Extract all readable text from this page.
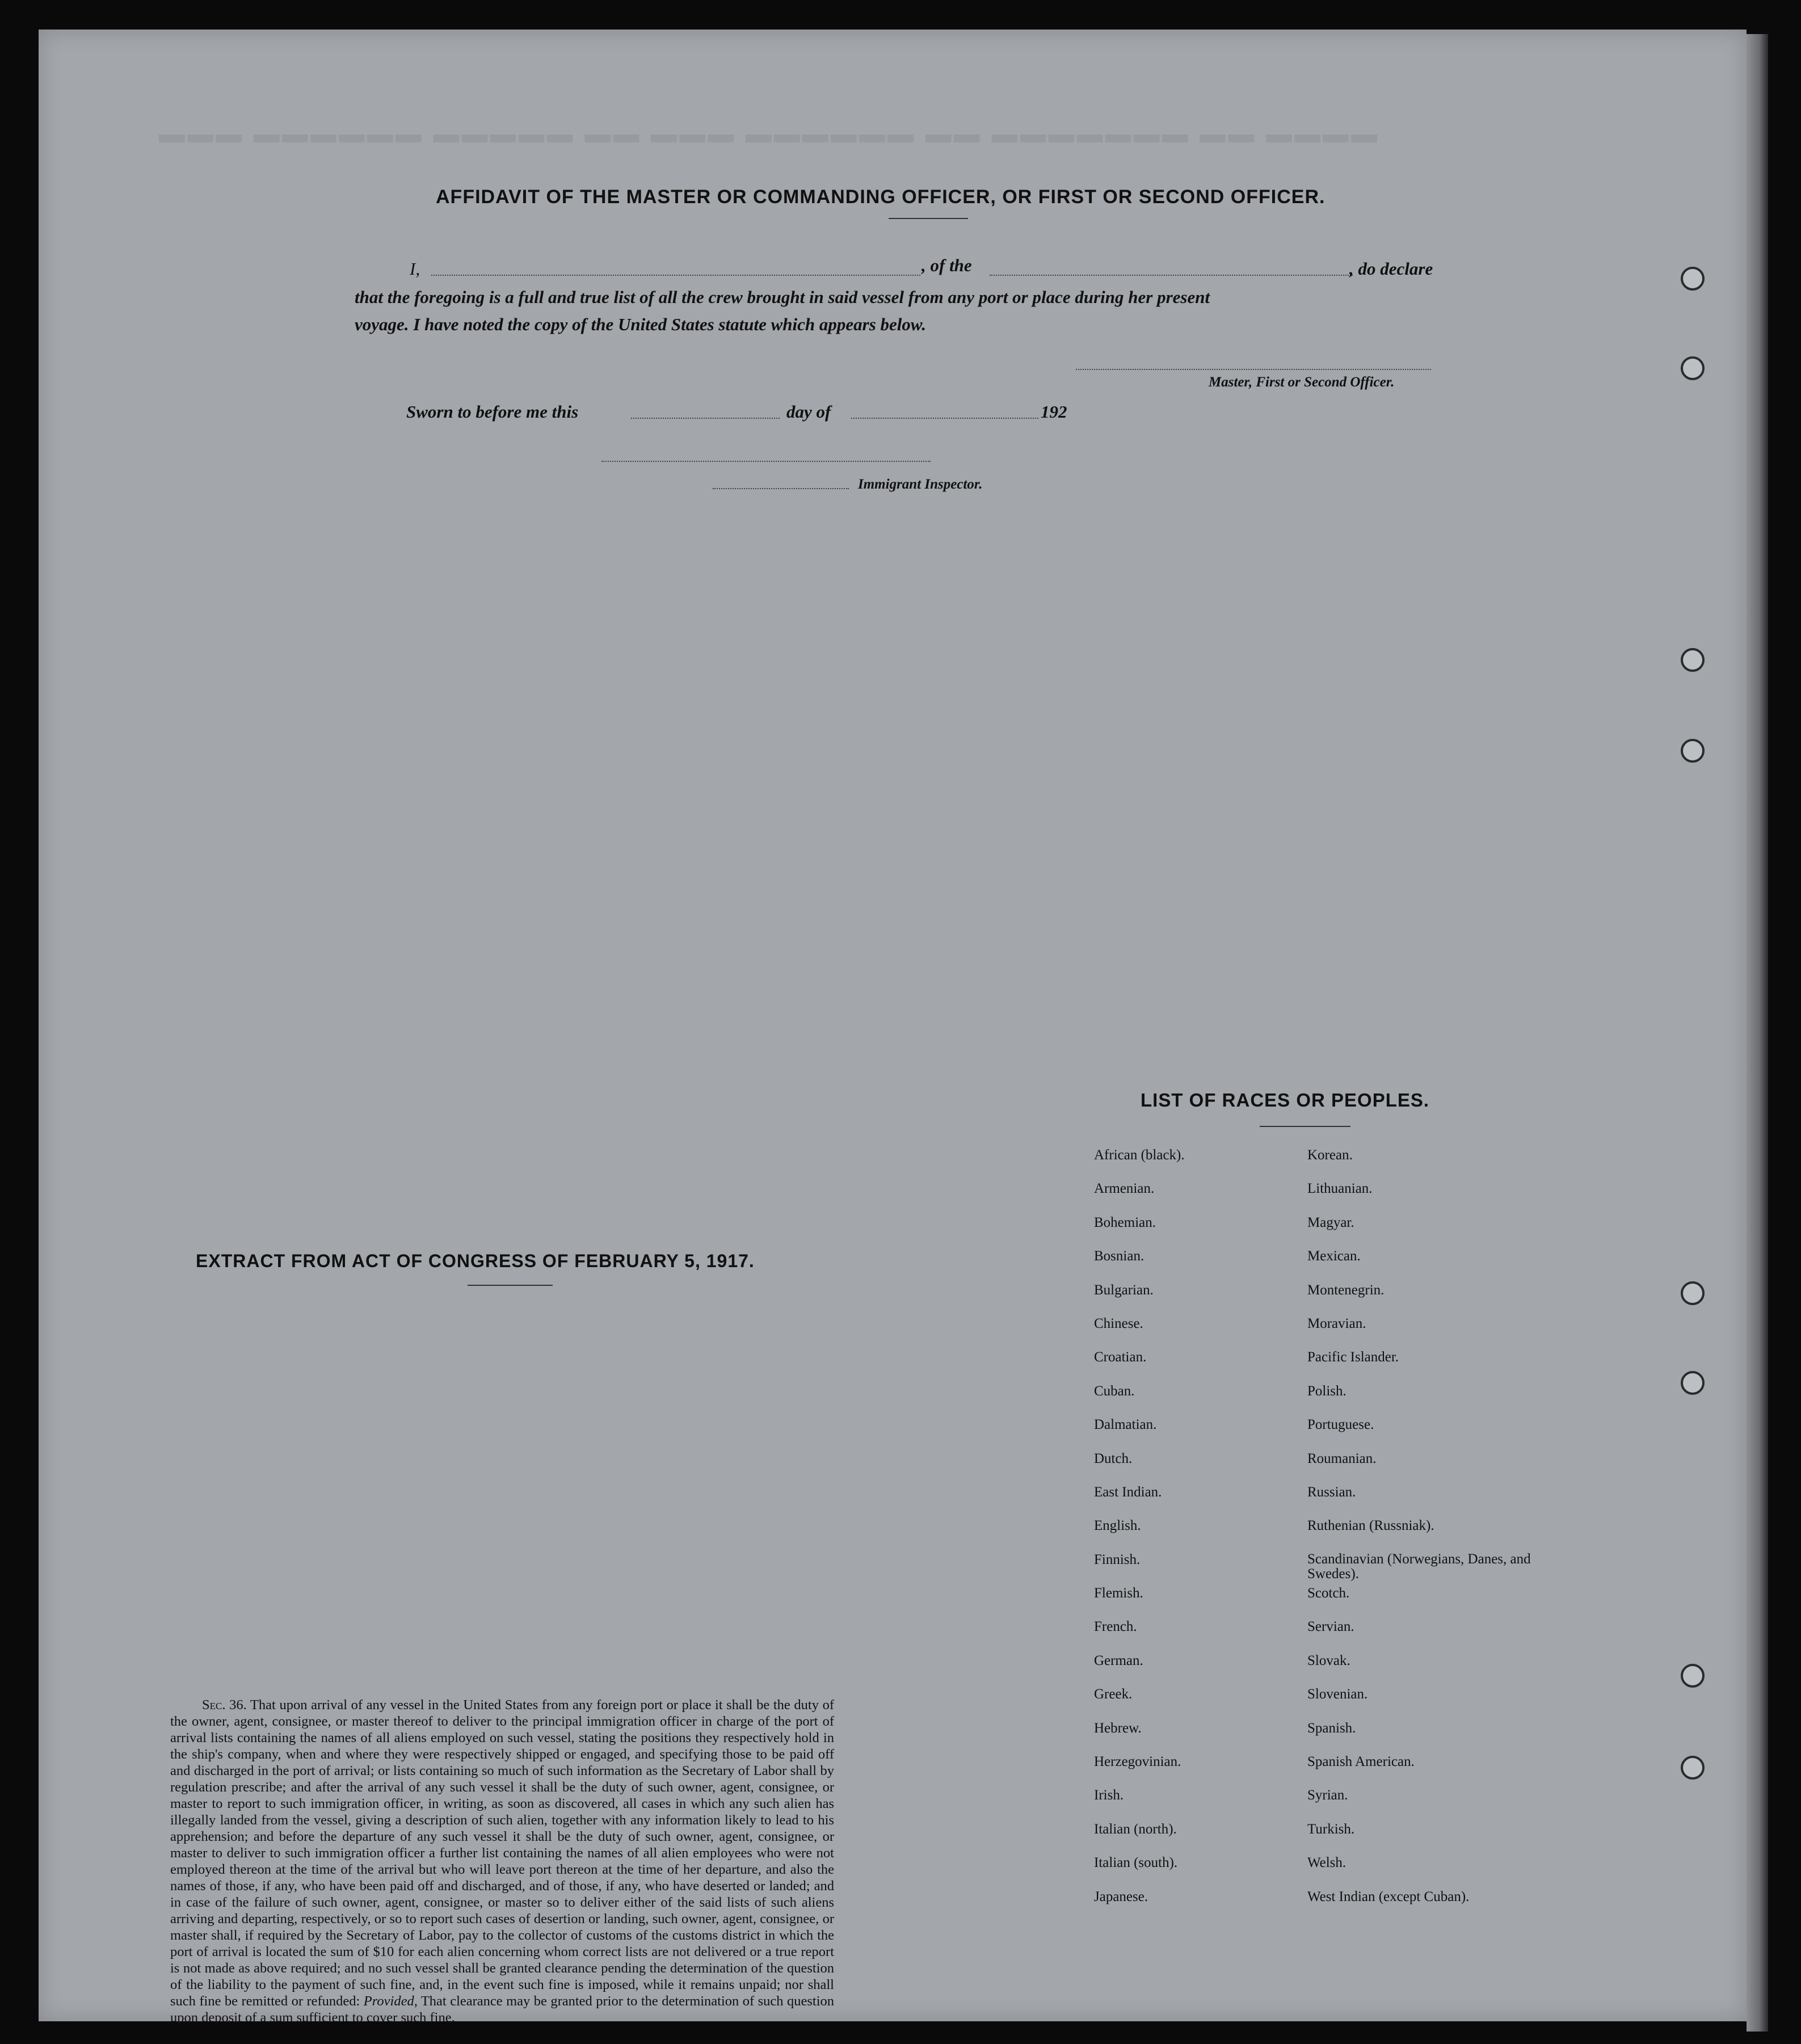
▬▬▬ ▬▬▬▬▬▬ ▬▬▬▬▬ ▬▬ ▬▬▬ ▬▬▬▬▬▬ ▬▬ ▬▬▬▬▬▬▬ ▬▬ ▬▬▬▬
AFFIDAVIT OF THE MASTER OR COMMANDING OFFICER, OR FIRST OR SECOND OFFICER.
I,	, of the	, do declare
that the foregoing is a full and true list of all the crew brought in said vessel from any port or place during her present
voyage. I have noted the copy of the United States statute which appears below.
Master, First or Second Officer.
Sworn to before me this	day of	192
Immigrant Inspector.
EXTRACT FROM ACT OF CONGRESS OF FEBRUARY 5, 1917.
Sec. 36. That upon arrival of any vessel in the United States from any foreign port or place it shall be the duty of the owner, agent, consignee, or master thereof to deliver to the principal immigration officer in charge of the port of arrival lists containing the names of all aliens employed on such vessel, stating the positions they respectively hold in the ship's company, when and where they were respectively shipped or engaged, and specifying those to be paid off and discharged in the port of arrival; or lists containing so much of such information as the Secretary of Labor shall by regulation prescribe; and after the arrival of any such vessel it shall be the duty of such owner, agent, consignee, or master to report to such immigration officer, in writing, as soon as discovered, all cases in which any such alien has illegally landed from the vessel, giving a description of such alien, together with any information likely to lead to his apprehension; and before the departure of any such vessel it shall be the duty of such owner, agent, consignee, or master to deliver to such immigration officer a further list containing the names of all alien employees who were not employed thereon at the time of the arrival but who will leave port thereon at the time of her departure, and also the names of those, if any, who have been paid off and discharged, and of those, if any, who have deserted or landed; and in case of the failure of such owner, agent, consignee, or master so to deliver either of the said lists of such aliens arriving and departing, respectively, or so to report such cases of desertion or landing, such owner, agent, consignee, or master shall, if required by the Secretary of Labor, pay to the collector of customs of the customs district in which the port of arrival is located the sum of $10 for each alien concerning whom correct lists are not delivered or a true report is not made as above required; and no such vessel shall be granted clearance pending the determination of the question of the liability to the payment of such fine, and, in the event such fine is imposed, while it remains unpaid; nor shall such fine be remitted or refunded: Provided, That clearance may be granted prior to the determination of such question upon deposit of a sum sufficient to cover such fine.
LIST OF RACES OR PEOPLES.
African (black).	Korean.
Armenian.	Lithuanian.
Bohemian.	Magyar.
Bosnian.	Mexican.
Bulgarian.	Montenegrin.
Chinese.	Moravian.
Croatian.	Pacific Islander.
Cuban.	Polish.
Dalmatian.	Portuguese.
Dutch.	Roumanian.
East Indian.	Russian.
English.	Ruthenian (Russniak).
Finnish.	Scandinavian (Norwegians, Danes, and Swedes).
Flemish.	Scotch.
French.	Servian.
German.	Slovak.
Greek.	Slovenian.
Hebrew.	Spanish.
Herzegovinian.	Spanish American.
Irish.	Syrian.
Italian (north).	Turkish.
Italian (south).	Welsh.
Japanese.	West Indian (except Cuban).
